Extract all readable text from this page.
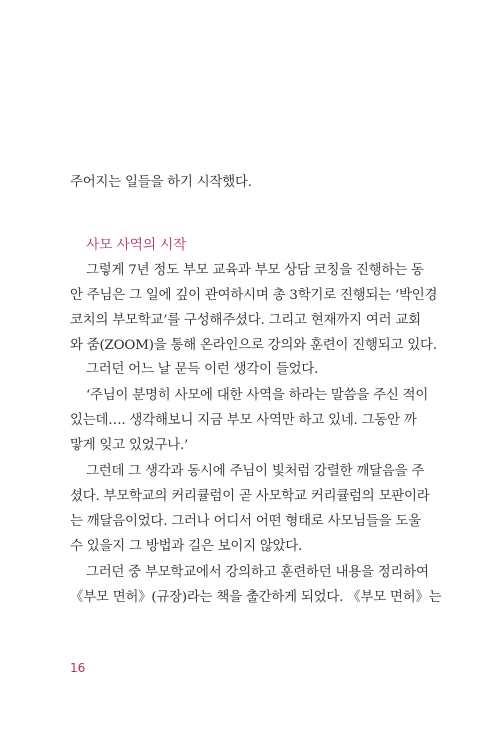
주어지는 일들을 하기 시작했다.
사모 사역의 시작
그렇게 7년 정도 부모 교육과 부모 상담 코칭을 진행하는 동
안 주님은 그 일에 깊이 관여하시며 총 3학기로 진행되는 ‘박인경
코치의 부모학교’를 구성해주셨다. 그리고 현재까지 여러 교회
와 줌(ZOOM)을 통해 온라인으로 강의와 훈련이 진행되고 있다.
그러던 어느 날 문득 이런 생각이 들었다.
‘주님이 분명히 사모에 대한 사역을 하라는 말씀을 주신 적이
있는데…. 생각해보니 지금 부모 사역만 하고 있네. 그동안 까
맣게 잊고 있었구나.’
그런데 그 생각과 동시에 주님이 빛처럼 강렬한 깨달음을 주
셨다. 부모학교의 커리큘럼이 곧 사모학교 커리큘럼의 모판이라
는 깨달음이었다. 그러나 어디서 어떤 형태로 사모님들을 도울
수 있을지 그 방법과 길은 보이지 않았다.
그러던 중 부모학교에서 강의하고 훈련하던 내용을 정리하여
《부모 면허》(규장)라는 책을 출간하게 되었다. 《부모 면허》는
16
